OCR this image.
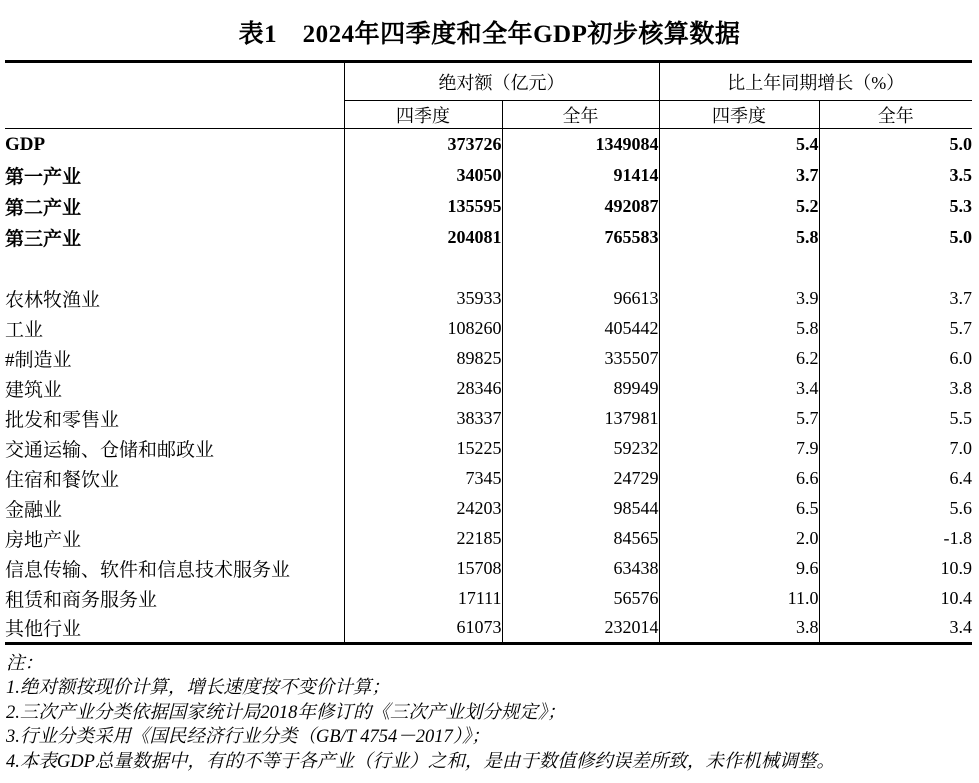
表1　2024年四季度和全年GDP初步核算数据

	绝对额（亿元）		比上年同期增长（%）	
	四季度	全年	四季度	全年

GDP	373726	1349084	5.4	5.0
第一产业	34050	91414	3.7	3.5
第二产业	135595	492087	5.2	5.3
第三产业	204081	765583	5.8	5.0

农林牧渔业	35933	96613	3.9	3.7
工业	108260	405442	5.8	5.7
#制造业	89825	335507	6.2	6.0
建筑业	28346	89949	3.4	3.8
批发和零售业	38337	137981	5.7	5.5
交通运输、仓储和邮政业	15225	59232	7.9	7.0
住宿和餐饮业	7345	24729	6.6	6.4
金融业	24203	98544	6.5	5.6
房地产业	22185	84565	2.0	-1.8
信息传输、软件和信息技术服务业	15708	63438	9.6	10.9
租赁和商务服务业	17111	56576	11.0	10.4
其他行业	61073	232014	3.8	3.4

注：
1.绝对额按现价计算，增长速度按不变价计算；
2.三次产业分类依据国家统计局2018年修订的《三次产业划分规定》；
3.行业分类采用《国民经济行业分类（GB/T 4754－2017）》；
4.本表GDP总量数据中，有的不等于各产业（行业）之和，是由于数值修约误差所致，未作机械调整。
